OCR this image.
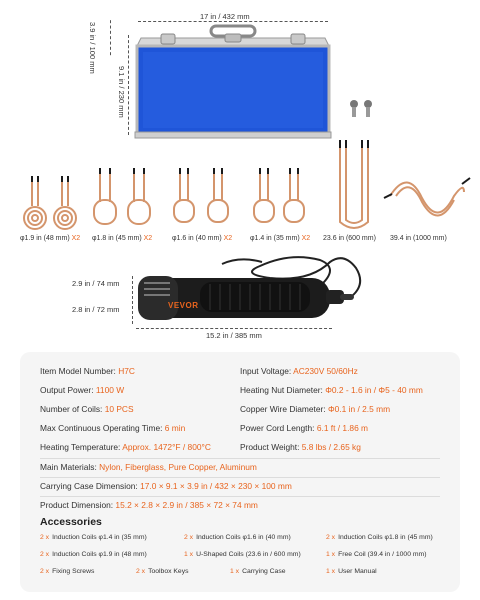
17 in / 432 mm
3.9 in / 100 mm
9.1 in / 230 mm
φ1.9 in (48 mm) X2 φ1.8 in (45 mm) X2	φ1.6 in (40 mm) X2	φ1.4 in (35 mm) X2 23.6 in (600 mm) 39.4 in (1000 mm)
2.9 in / 74 mm
2.8 in / 72 mm	VEVOR
15.2 in / 385 mm
Item Model Number: H7C	Input Voltage: AC230V 50/60Hz
Output Power: 1100 W	Heating Nut Diameter: Φ0.2 - 1.6 in / Φ5 - 40 mm
Number of Coils: 10 PCS	Copper Wire Diameter: Φ0.1 in / 2.5 mm
Max Continuous Operating Time: 6 min	Power Cord Length: 6.1 ft / 1.86 m
Heating Temperature: Approx. 1472°F / 800°C	Product Weight: 5.8 lbs / 2.65 kg
Main Materials: Nylon, Fiberglass, Pure Copper, Aluminum
Carrying Case Dimension: 17.0 × 9.1 × 3.9 in / 432 × 230 × 100 mm
Product Dimension: 15.2 × 2.8 × 2.9 in / 385 × 72 × 74 mm
Accessories
2 x Induction Coils φ1.4 in (35 mm)	2 x Induction Coils φ1.6 in (40 mm)	2 x Induction Coils φ1.8 in (45 mm)
2 x Induction Coils φ1.9 in (48 mm)	1 x U-Shaped Coils (23.6 in / 600 mm)	1 x Free Coil (39.4 in / 1000 mm)
2 x Fixing Screws	2 x Toolbox Keys	1 x Carrying Case	1 x User Manual
